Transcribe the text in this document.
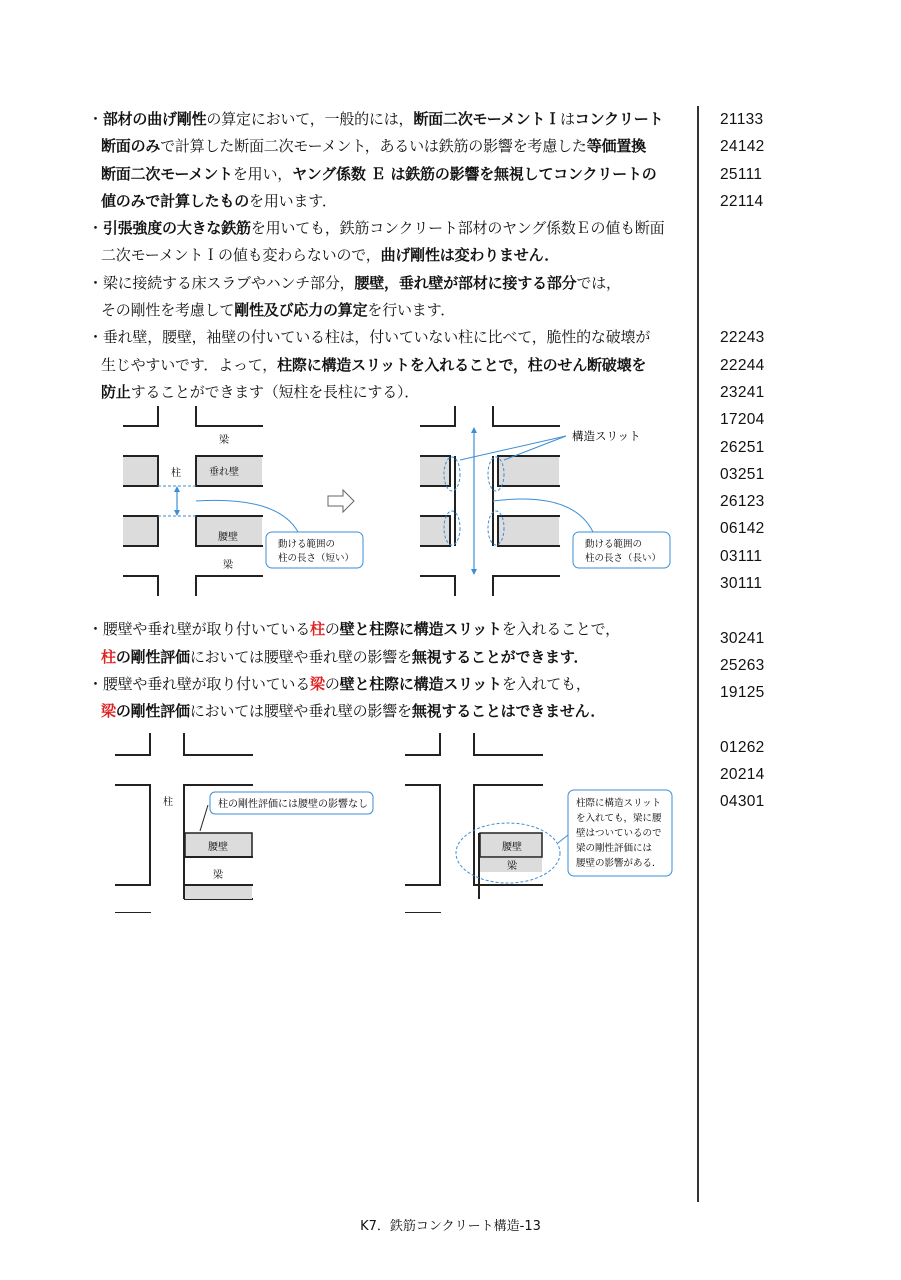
・部材の曲げ剛性の算定において，一般的には，断面二次モーメントＩはコンクリート
断面のみで計算した断面二次モーメント，あるいは鉄筋の影響を考慮した等価置換
断面二次モーメントを用い，ヤング係数 Ｅ は鉄筋の影響を無視してコンクリートの
値のみで計算したものを用います．
・引張強度の大きな鉄筋を用いても，鉄筋コンクリート部材のヤング係数Ｅの値も断面
二次モーメントＩの値も変わらないので，曲げ剛性は変わりません．
・梁に接続する床スラブやハンチ部分，腰壁，垂れ壁が部材に接する部分では，
その剛性を考慮して剛性及び応力の算定を行います．
・垂れ壁，腰壁，袖壁の付いている柱は，付いていない柱に比べて，脆性的な破壊が
生じやすいです．よって，柱際に構造スリットを入れることで，柱のせん断破壊を
防止することができます（短柱を長柱にする）．
梁
柱	垂れ壁
腰壁
梁
動ける範囲の
柱の長さ（短い）
構造スリット
動ける範囲の
柱の長さ（長い）
・腰壁や垂れ壁が取り付いている柱の壁と柱際に構造スリットを入れることで，
柱の剛性評価においては腰壁や垂れ壁の影響を無視することができます．
・腰壁や垂れ壁が取り付いている梁の壁と柱際に構造スリットを入れても，
梁の剛性評価においては腰壁や垂れ壁の影響を無視することはできません．
柱
腰壁
梁
柱の剛性評価には腰壁の影響なし
腰壁
梁
柱際に構造スリット
を入れても，梁に腰
壁はついているので
梁の剛性評価には
腰壁の影響がある．
21133
24142
25111
22114
22243
22244
23241
17204
26251
03251
26123
06142
03111
30111
30241
25263
19125
01262
20214
04301
K7．鉄筋コンクリート構造-13
